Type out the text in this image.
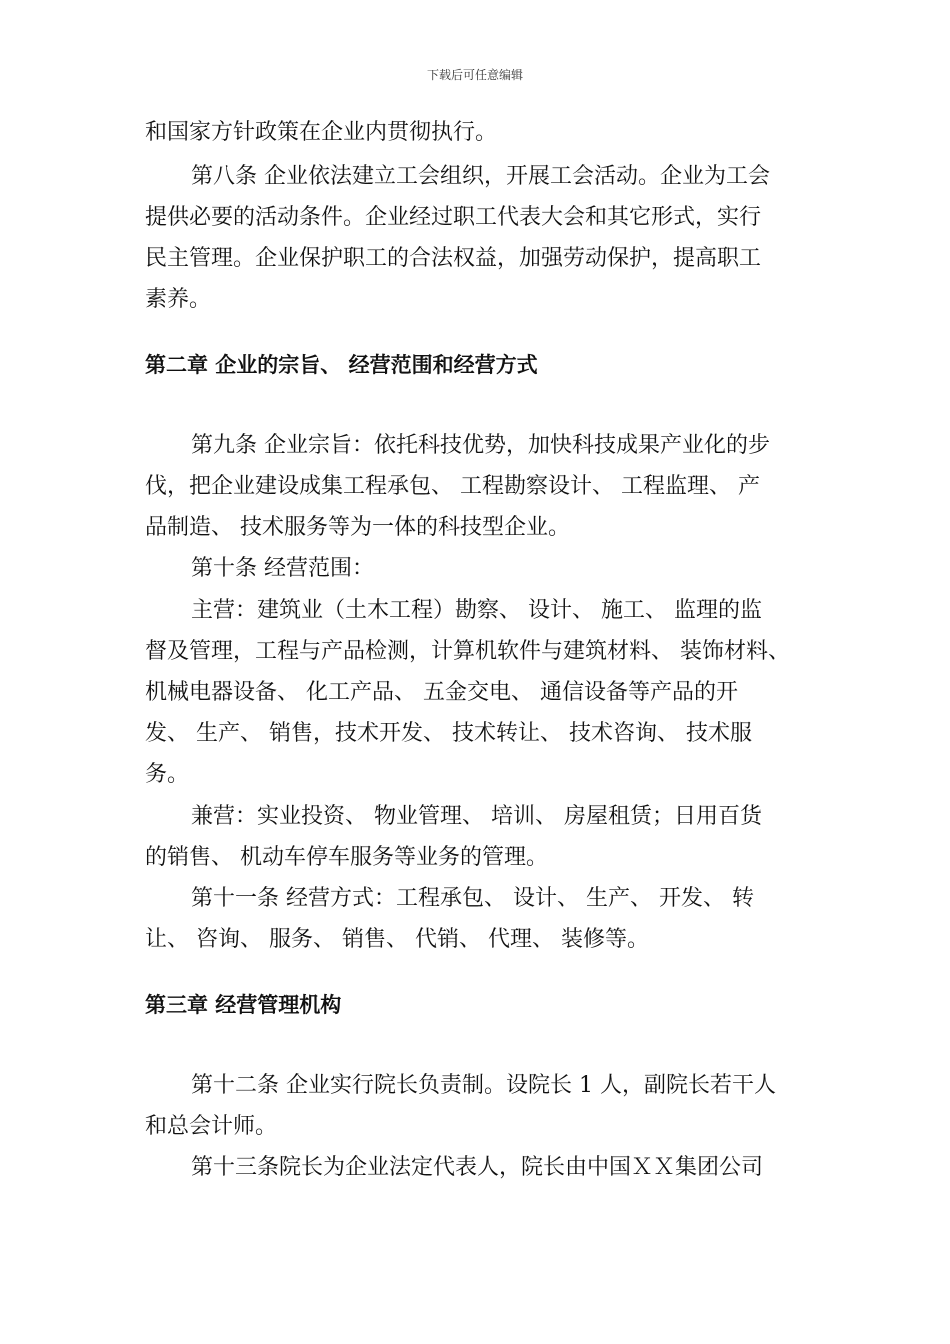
下载后可任意编辑
和国家方针政策在企业内贯彻执行。
第八条 企业依法建立工会组织，开展工会活动。企业为工会
提供必要的活动条件。企业经过职工代表大会和其它形式，实行
民主管理。企业保护职工的合法权益，加强劳动保护，提高职工
素养。
第二章 企业的宗旨、 经营范围和经营方式
第九条 企业宗旨：依托科技优势，加快科技成果产业化的步
伐，把企业建设成集工程承包、 工程勘察设计、 工程监理、 产
品制造、 技术服务等为一体的科技型企业。
第十条 经营范围：
主营：建筑业（土木工程）勘察、 设计、 施工、 监理的监
督及管理，工程与产品检测，计算机软件与建筑材料、 装饰材料、
机械电器设备、 化工产品、 五金交电、 通信设备等产品的开
发、 生产、 销售，技术开发、 技术转让、 技术咨询、 技术服
务。
兼营：实业投资、 物业管理、 培训、 房屋租赁；日用百货
的销售、 机动车停车服务等业务的管理。
第十一条 经营方式：工程承包、 设计、 生产、 开发、 转
让、 咨询、 服务、 销售、 代销、 代理、 装修等。
第三章 经营管理机构
第十二条 企业实行院长负责制。设院长 1 人，副院长若干人
和总会计师。
第十三条院长为企业法定代表人，院长由中国ＸＸ集团公司
